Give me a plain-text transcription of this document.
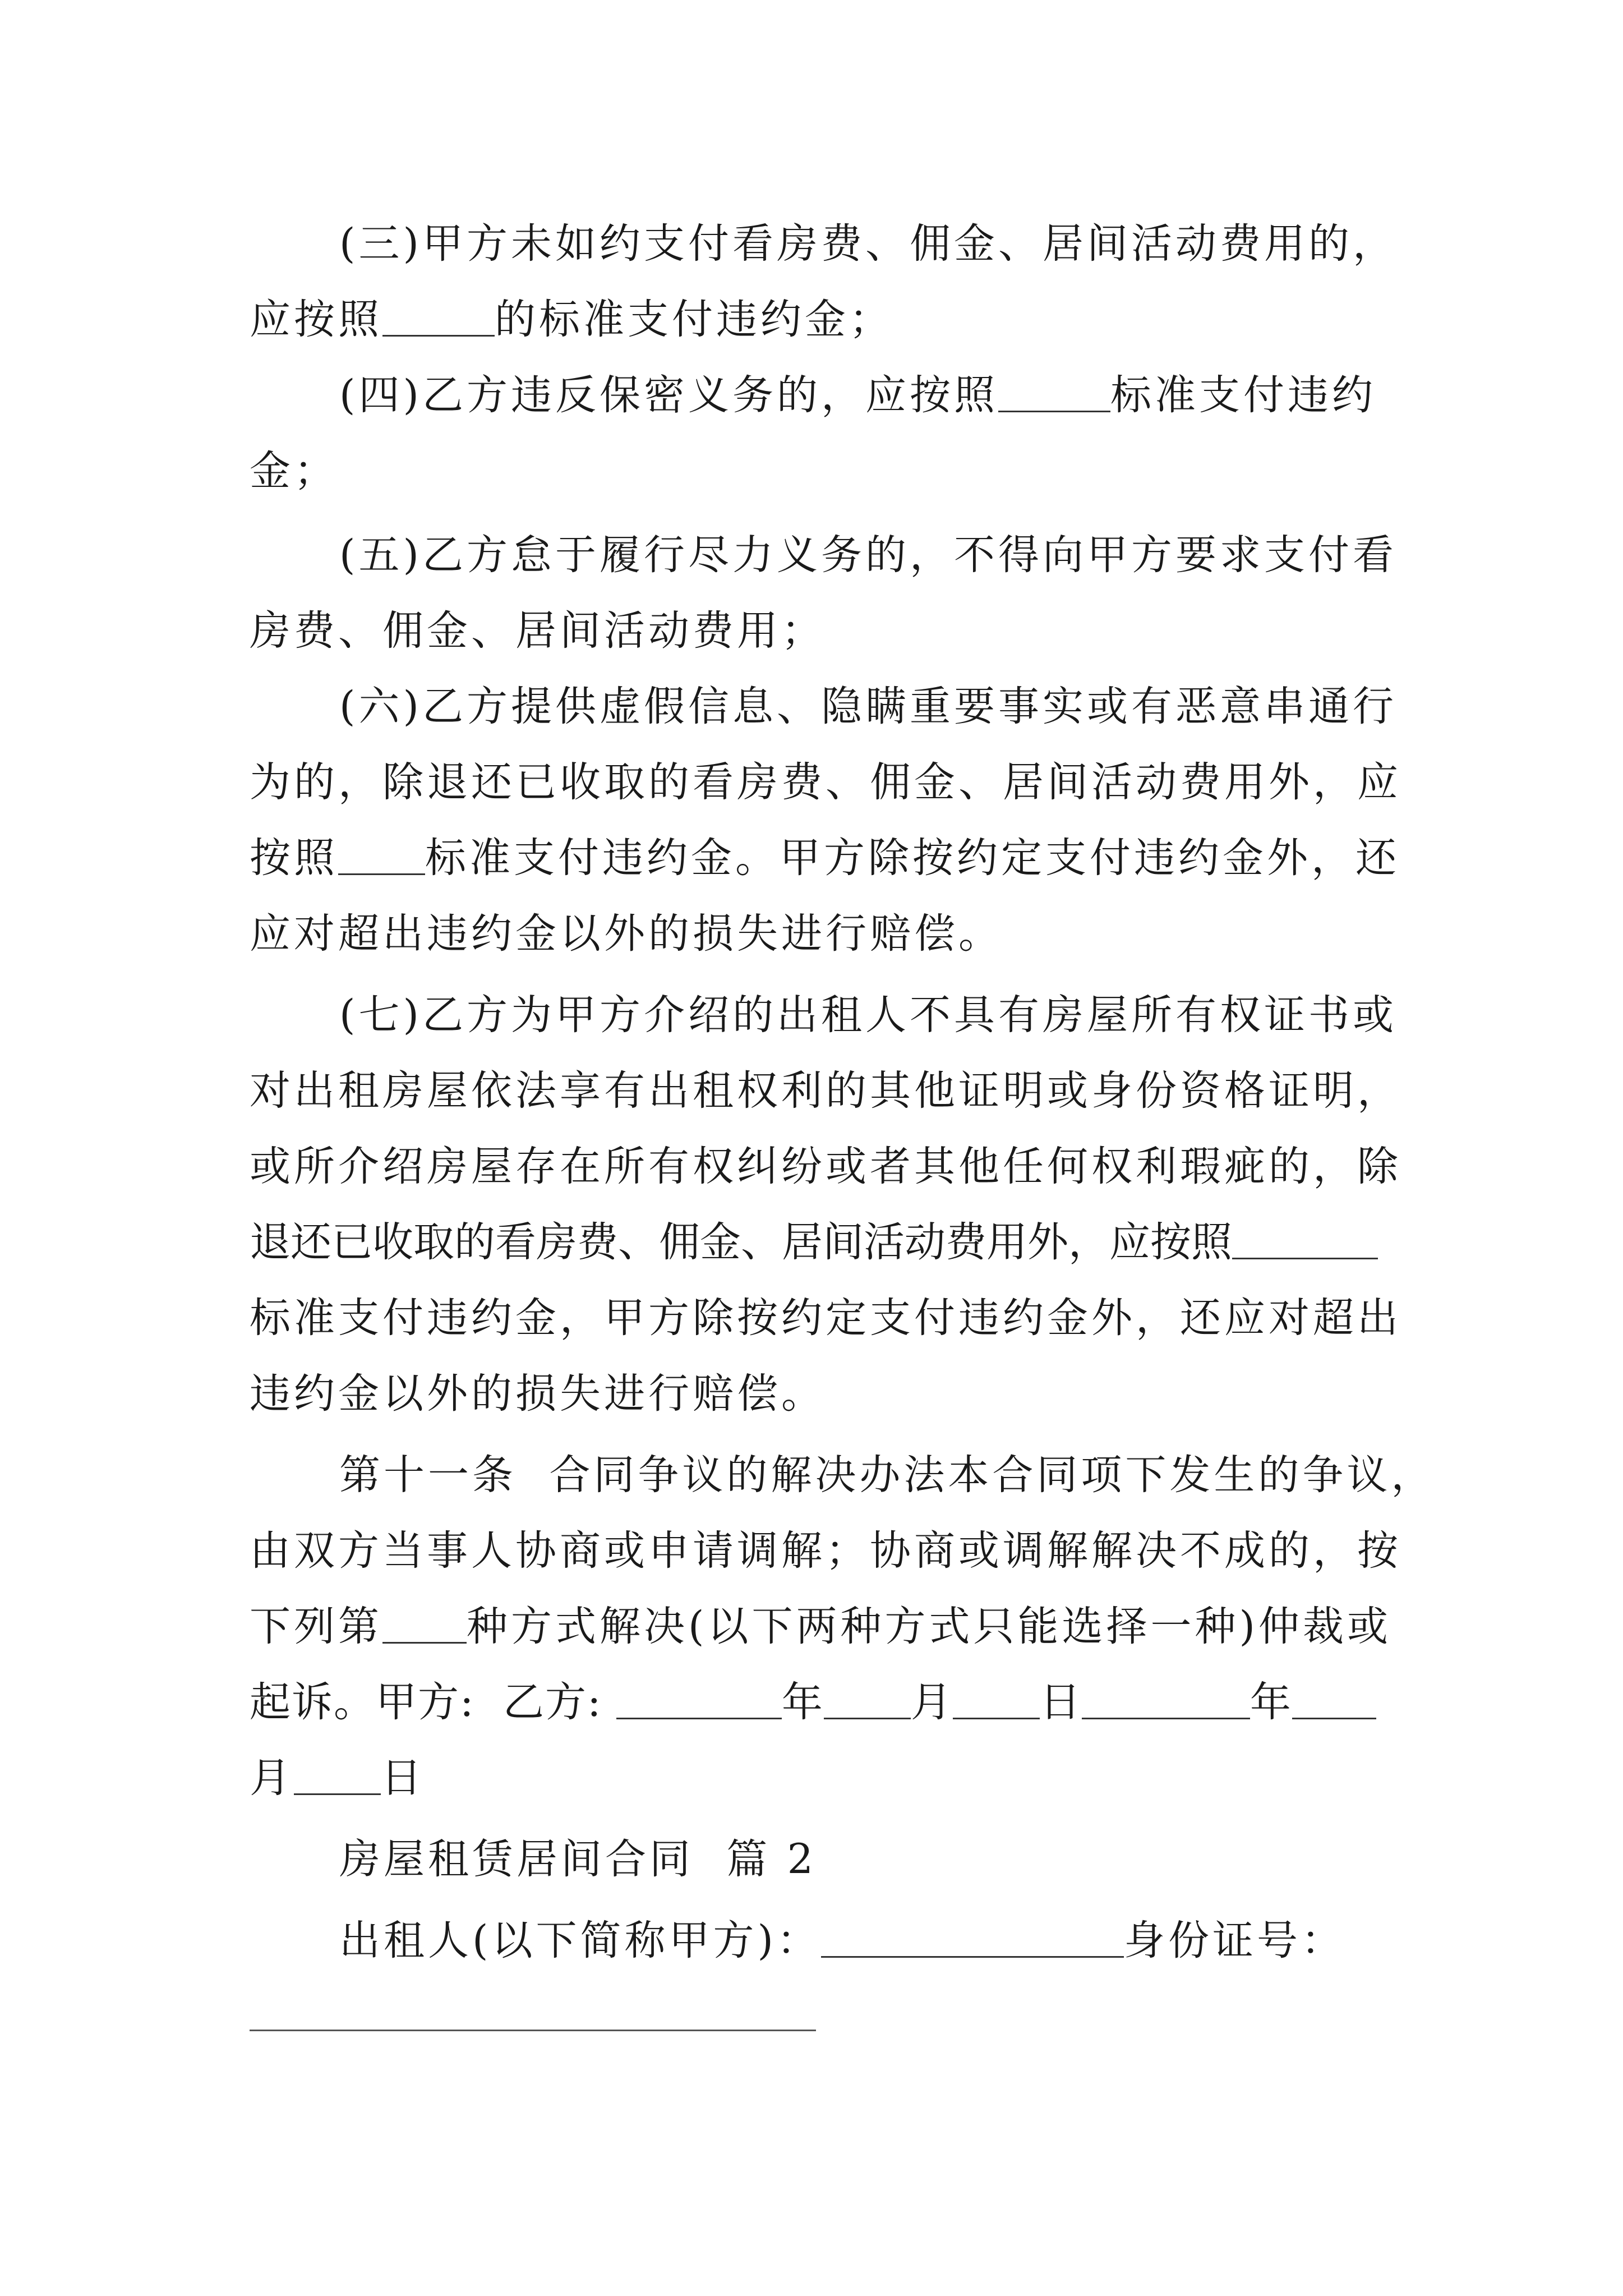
(三)甲方未如约支付看房费、佣金、居间活动费用的，
应按照	的标准支付违约金；
(四)乙方违反保密义务的，应按照	标准支付违约
金；
(五)乙方怠于履行尽力义务的，不得向甲方要求支付看
房费、佣金、居间活动费用；
(六)乙方提供虚假信息、隐瞒重要事实或有恶意串通行
为的，除退还已收取的看房费、佣金、居间活动费用外，应
按照 标准支付违约金。甲方除按约定支付违约金外，还
应对超出违约金以外的损失进行赔偿。
(七)乙方为甲方介绍的出租人不具有房屋所有权证书或
对出租房屋依法享有出租权利的其他证明或身份资格证明，
或所介绍房屋存在所有权纠纷或者其他任何权利瑕疵的，除
退还已收取的看房费、佣金、居间活动费用外，应按照
标准支付违约金，甲方除按约定支付违约金外，还应对超出
违约金以外的损失进行赔偿。
第十一条  合同争议的解决办法本合同项下发生的争议，
由双方当事人协商或申请调解；协商或调解解决不成的，按
下列第 种方式解决(以下两种方式只能选择一种)仲裁或
起诉。甲方:  乙方:	年 月 日	年
月 日
房屋租赁居间合同  篇 2
出租人(以下简称甲方)：	身份证号：
